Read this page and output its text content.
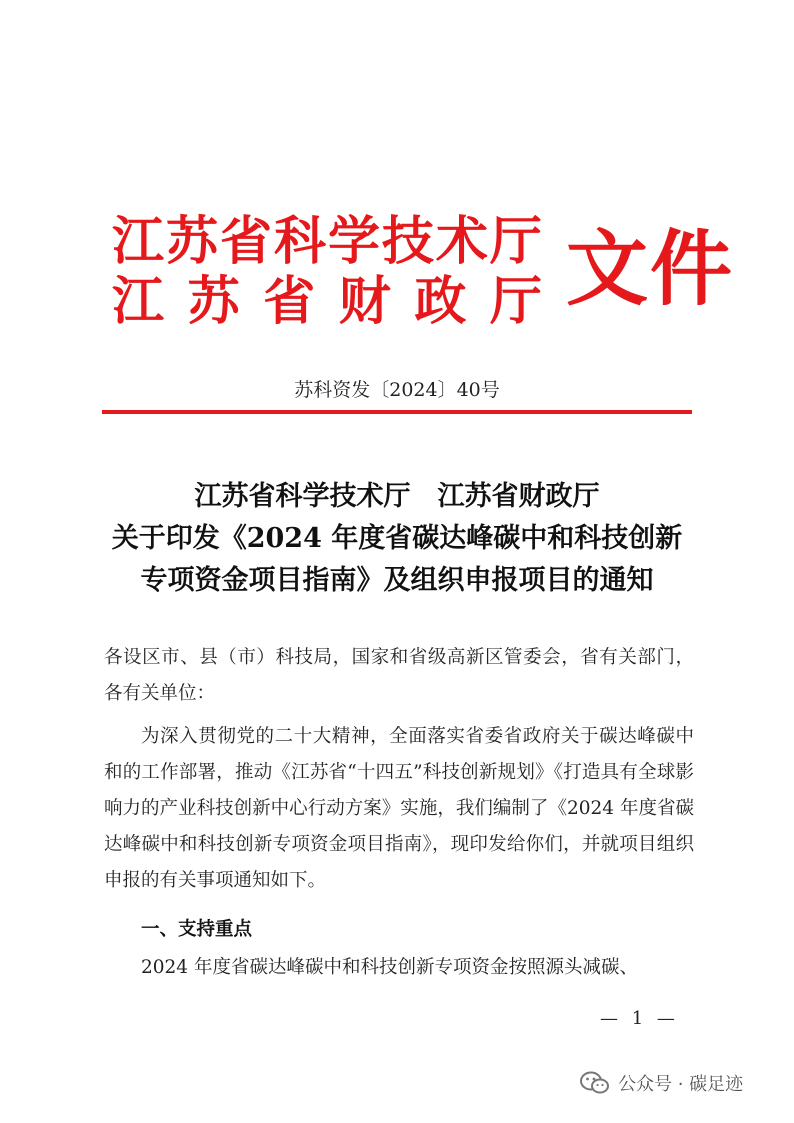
江 苏 省 科 学 技 术 厅
江 苏 省 财 政 厅 文件
苏科资发〔2024〕40号
江苏省科学技术厅　江苏省财政厅
关于印发《2024 年度省碳达峰碳中和科技创新
专项资金项目指南》及组织申报项目的通知

各设区市、县（市）科技局，国家和省级高新区管委会，省有关部门，各有关单位：

为深入贯彻党的二十大精神，全面落实省委省政府关于碳达峰碳中和的工作部署，推动《江苏省“十四五”科技创新规划》《打造具有全球影响力的产业科技创新中心行动方案》实施，我们编制了《2024 年度省碳达峰碳中和科技创新专项资金项目指南》，现印发给你们，并就项目组织申报的有关事项通知如下。

一、支持重点

2024 年度省碳达峰碳中和科技创新专项资金按照源头减碳、

— 1 —
公众号 · 碳足迹
